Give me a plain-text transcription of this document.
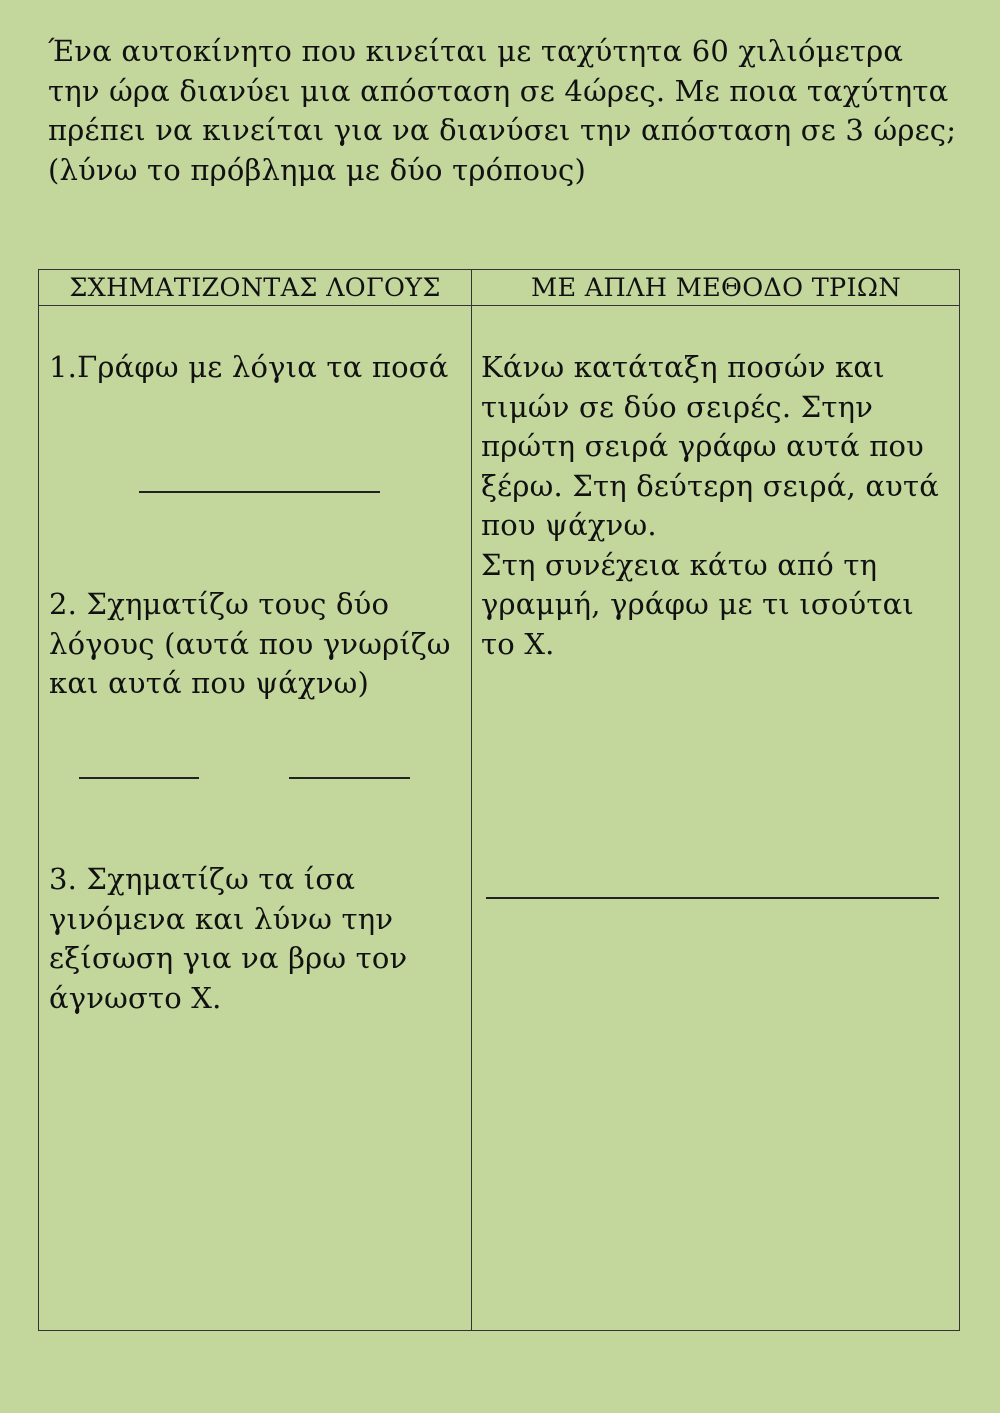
Ένα αυτοκίνητο που κινείται με ταχύτητα 60 χιλιόμετρα την ώρα διανύει μια απόσταση σε 4ώρες. Με ποια ταχύτητα πρέπει να κινείται για να διανύσει την απόσταση σε 3 ώρες; (λύνω το πρόβλημα με δύο τρόπους)

ΣΧΗΜΑΤΙΖΟΝΤΑΣ ΛΟΓΟΥΣ	ΜΕ ΑΠΛΗ ΜΕΘΟΔΟ ΤΡΙΩΝ

1.Γράφω με λόγια τα ποσά

2. Σχηματίζω τους δύο λόγους (αυτά που γνωρίζω και αυτά που ψάχνω)

3. Σχηματίζω τα ίσα γινόμενα και λύνω την εξίσωση για να βρω τον άγνωστο Χ.

Κάνω κατάταξη ποσών και τιμών σε δύο σειρές. Στην πρώτη σειρά γράφω αυτά που ξέρω. Στη δεύτερη σειρά, αυτά που ψάχνω.
Στη συνέχεια κάτω από τη γραμμή, γράφω με τι ισούται το Χ.
